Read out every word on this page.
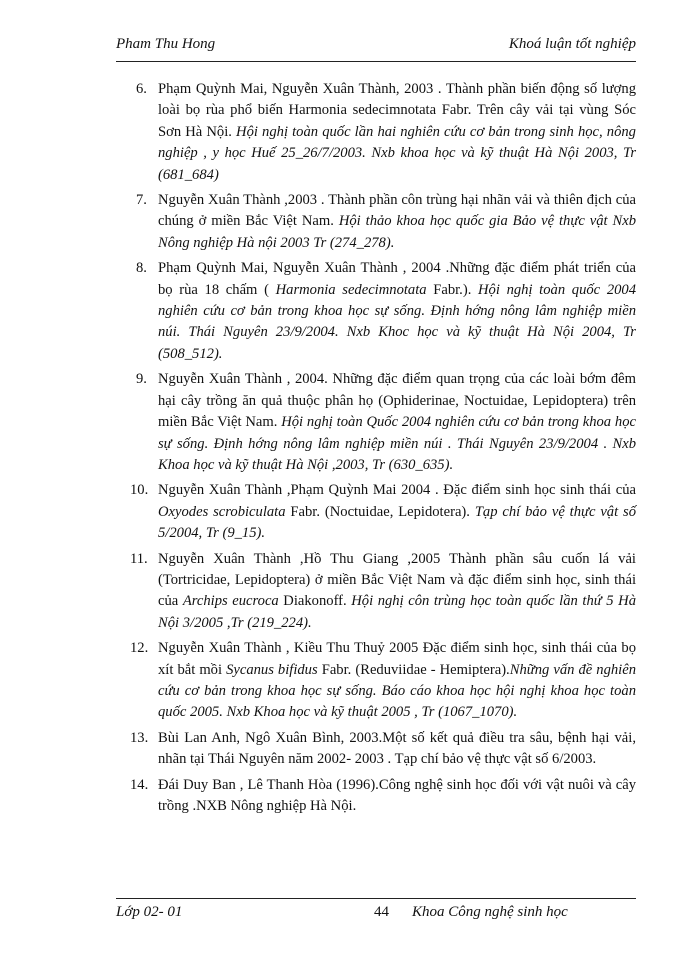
Pham Thu Hong	Khoá luận tốt nghiệp
6. Phạm Quỳnh Mai, Nguyễn Xuân Thành, 2003 . Thành phần biến động số lượng loài bọ rùa phổ biến Harmonia sedecimnotata Fabr. Trên cây vải tại vùng Sóc Sơn Hà Nội. Hội nghị toàn quốc lần hai nghiên cứu cơ bản trong sinh học, nông nghiệp , y học Huế 25_26/7/2003. Nxb khoa học và kỹ thuật Hà Nội 2003, Tr (681_684)
7. Nguyễn Xuân Thành ,2003 . Thành phần côn trùng hại nhãn vải và thiên địch của chúng ở miền Bắc Việt Nam. Hội thảo khoa học quốc gia Bảo vệ thực vật Nxb Nông nghiệp Hà nội 2003 Tr (274_278).
8. Phạm Quỳnh Mai, Nguyễn Xuân Thành , 2004 .Những đặc điểm phát triển của bọ rùa 18 chấm ( Harmonia sedecimnotata Fabr.). Hội nghị toàn quốc 2004 nghiên cứu cơ bản trong khoa học sự sống. Định hớng nông lâm nghiệp miền núi. Thái Nguyên 23/9/2004. Nxb Khoc học và kỹ thuật Hà Nội 2004, Tr (508_512).
9. Nguyễn Xuân Thành , 2004. Những đặc điểm quan trọng của các loài bớm đêm hại cây trồng ăn quả thuộc phân họ (Ophiderinae, Noctuidae, Lepidoptera) trên miền Bắc Việt Nam. Hội nghị toàn Quốc 2004 nghiên cứu cơ bản trong khoa học sự sống. Định hớng nông lâm nghiệp miền núi . Thái Nguyên 23/9/2004 . Nxb Khoa học và kỹ thuật Hà Nội ,2003, Tr (630_635).
10. Nguyễn Xuân Thành ,Phạm Quỳnh Mai 2004 . Đặc điểm sinh học sinh thái của Oxyodes scrobiculata Fabr. (Noctuidae, Lepidotera). Tạp chí bảo vệ thực vật số 5/2004, Tr (9_15).
11. Nguyễn Xuân Thành ,Hồ Thu Giang ,2005 Thành phần sâu cuốn lá vải (Tortricidae, Lepidoptera) ở miền Bắc Việt Nam và đặc điểm sinh học, sinh thái của Archips eucroca Diakonoff. Hội nghị côn trùng học toàn quốc lần thứ 5 Hà Nội 3/2005 ,Tr (219_224).
12. Nguyễn Xuân Thành , Kiều Thu Thuỷ 2005 Đặc điểm sinh học, sinh thái của bọ xít bắt mồi Sycanus bifidus Fabr. (Reduviidae - Hemiptera).Những vấn đề nghiên cứu cơ bản trong khoa học sự sống. Báo cáo khoa học hội nghị khoa học toàn quốc 2005. Nxb Khoa học và kỹ thuật 2005 , Tr (1067_1070).
13. Bùi Lan Anh, Ngô Xuân Bình, 2003.Một số kết quả điều tra sâu, bệnh hại vải, nhãn tại Thái Nguyên năm 2002- 2003 . Tạp chí bảo vệ thực vật số 6/2003.
14. Đái Duy Ban , Lê Thanh Hòa (1996).Công nghệ sinh học đối với vật nuôi và cây trồng .NXB Nông nghiệp Hà Nội.
Lớp 02- 01	44 Khoa Công nghệ sinh học
